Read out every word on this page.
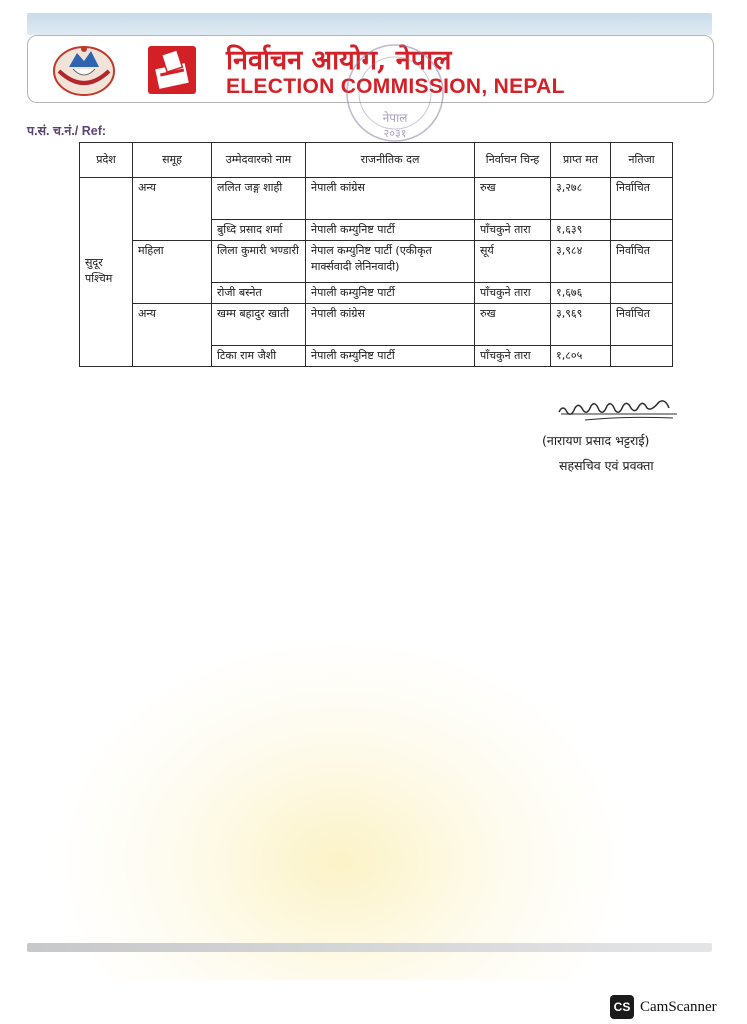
निर्वाचन आयोग, नेपाल
ELECTION COMMISSION, NEPAL
नेपाल
२०३१
प.सं. च.नं./ Ref:
प्रदेश	समूह	उम्मेदवारको नाम	राजनीतिक दल	निर्वाचन चिन्ह	प्राप्त मत	नतिजा
सुदूर पश्चिम	अन्य	ललित जङ्ग शाही	नेपाली कांग्रेस	रुख	३,२७८	निर्वाचित
		बुध्दि प्रसाद शर्मा	नेपाली कम्युनिष्ट पार्टी	पाँचकुने तारा	१,६३९	
	महिला	लिला कुमारी भण्डारी	नेपाल कम्युनिष्ट पार्टी (एकीकृत मार्क्सवादी लेनिनवादी)	सूर्य	३,९८४	निर्वाचित
		रोजी बस्नेत	नेपाली कम्युनिष्ट पार्टी	पाँचकुने तारा	१,६७६	
	अन्य	खम्म बहादुर खाती	नेपाली कांग्रेस	रुख	३,९६९	निर्वाचित
		टिका राम जैशी	नेपाली कम्युनिष्ट पार्टी	पाँचकुने तारा	१,८०५	
(नारायण प्रसाद भट्टराई)
सहसचिव एवं प्रवक्ता
CS CamScanner
